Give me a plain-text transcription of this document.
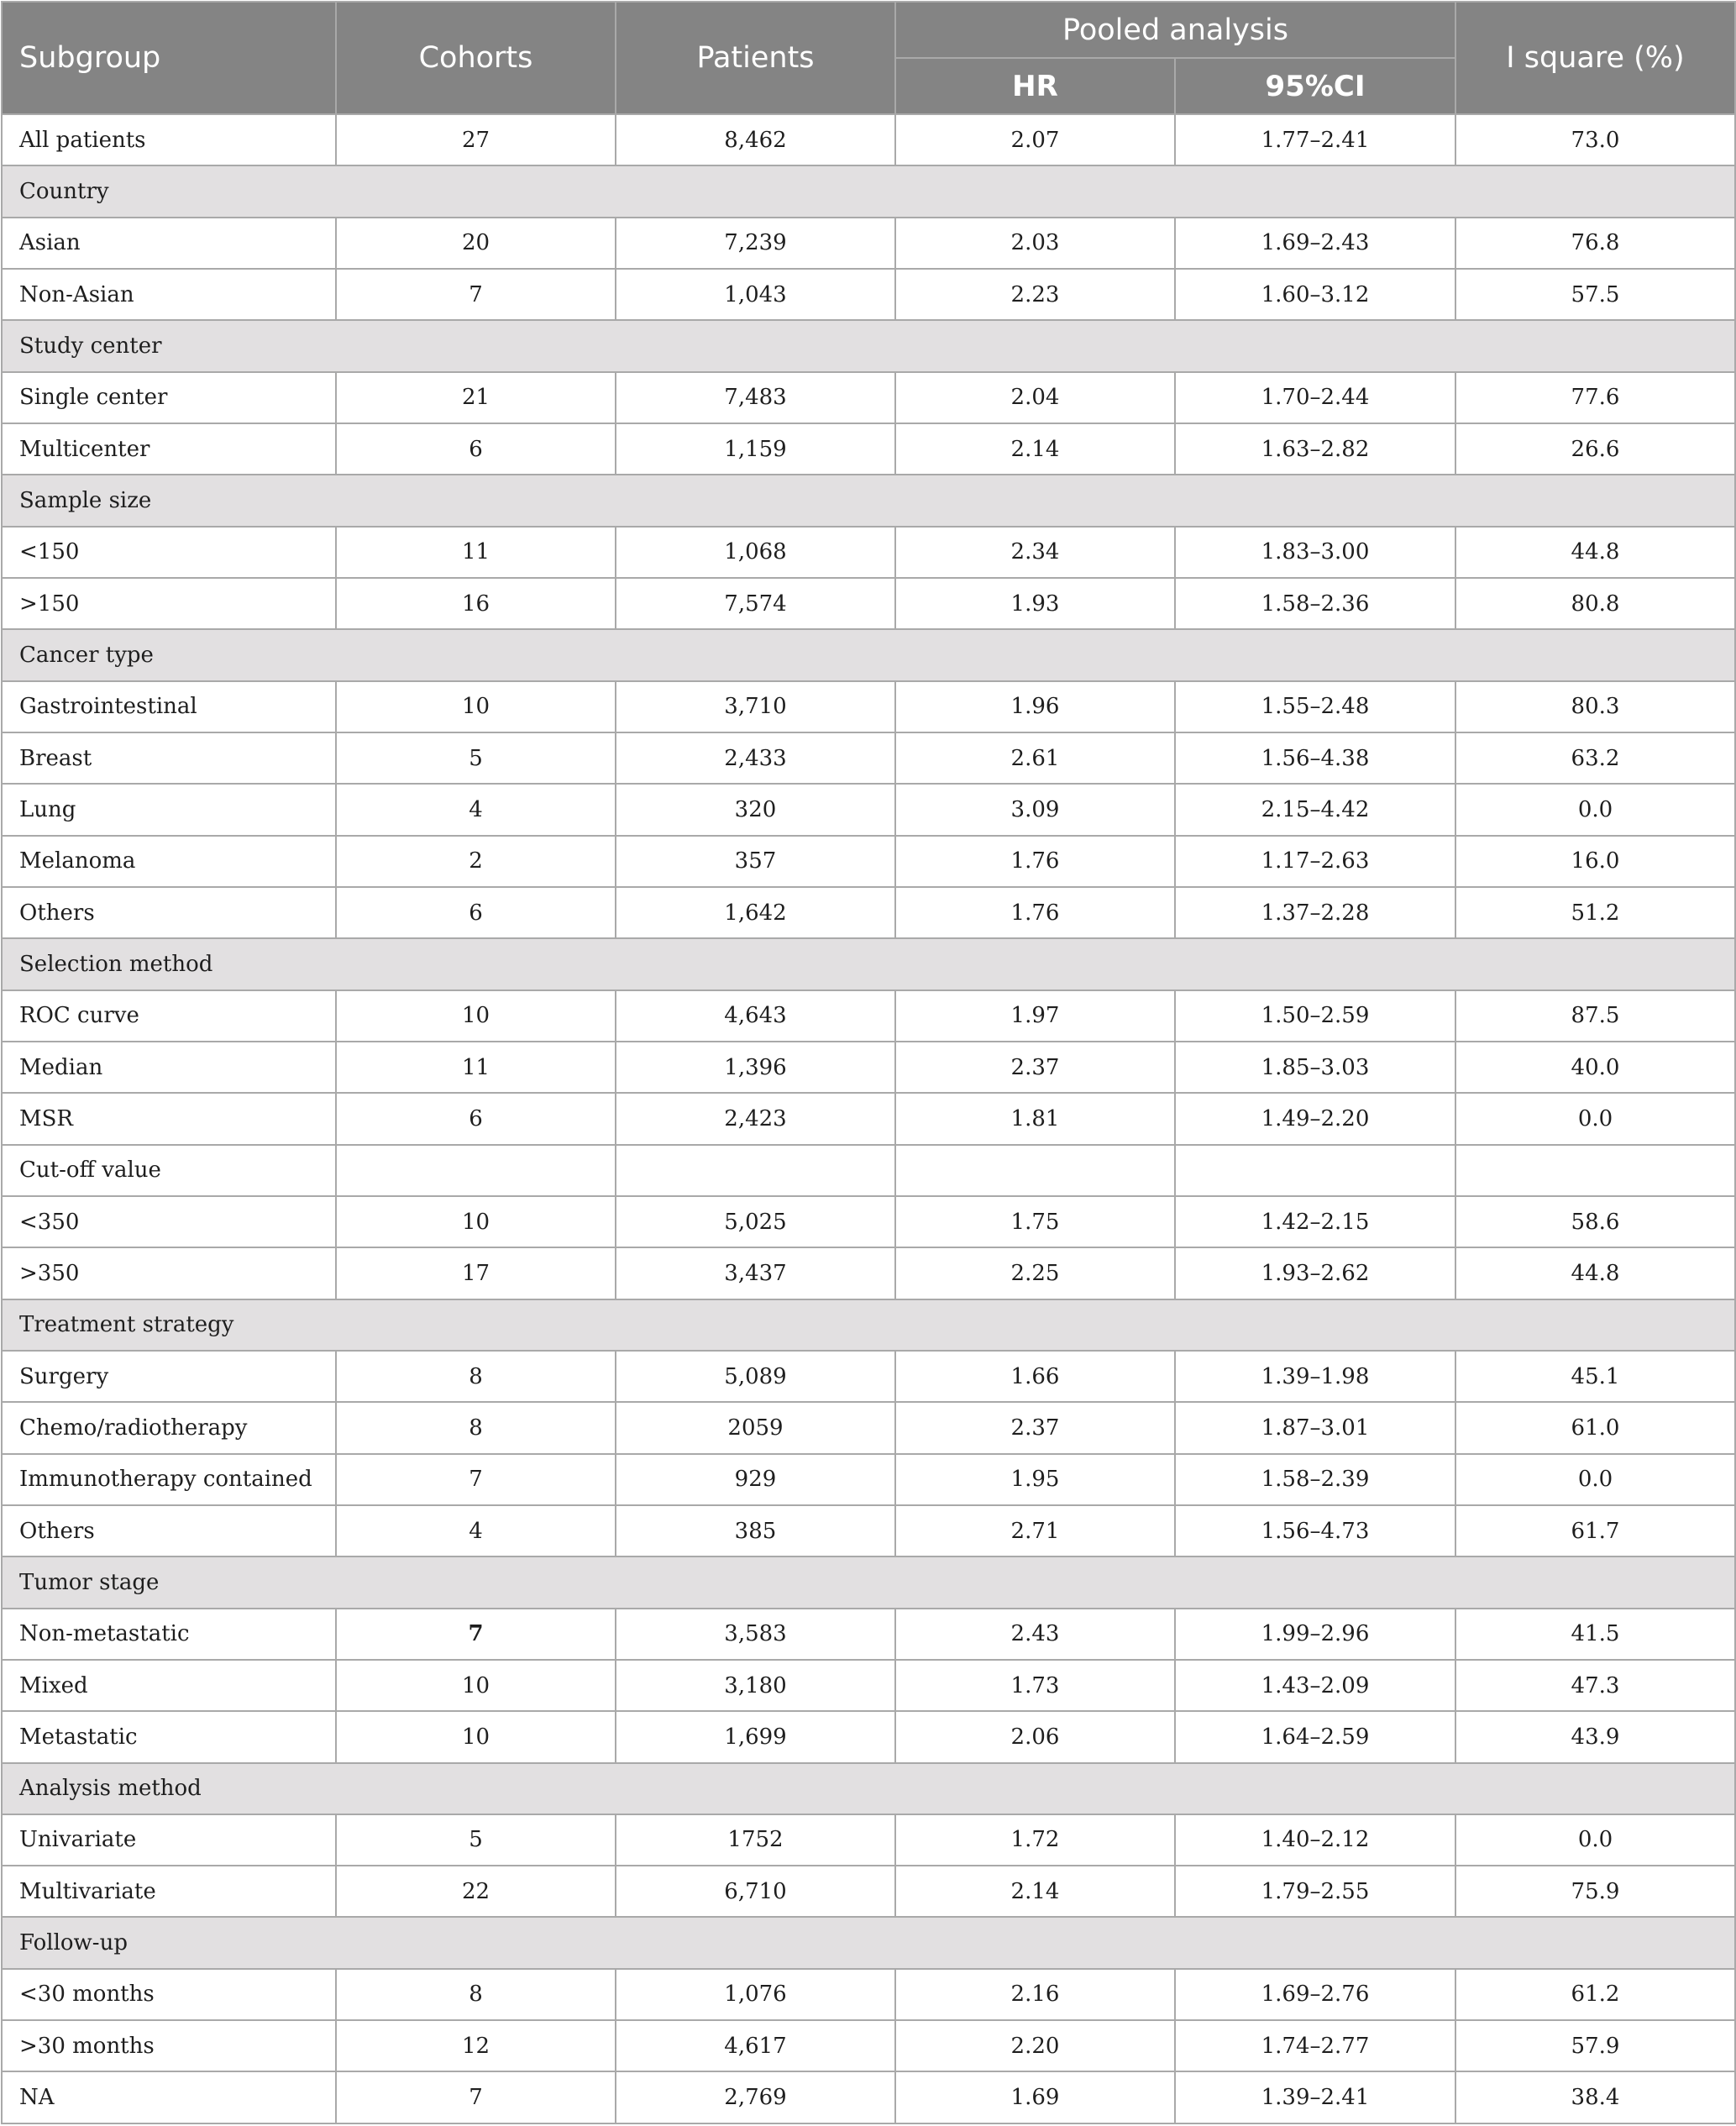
Subgroup	Cohorts	Patients	Pooled analysis		I square (%)
			HR	95%CI	
All patients	27	8,462	2.07	1.77–2.41	73.0
Country					
Asian	20	7,239	2.03	1.69–2.43	76.8
Non-Asian	7	1,043	2.23	1.60–3.12	57.5
Study center					
Single center	21	7,483	2.04	1.70–2.44	77.6
Multicenter	6	1,159	2.14	1.63–2.82	26.6
Sample size					
<150	11	1,068	2.34	1.83–3.00	44.8
>150	16	7,574	1.93	1.58–2.36	80.8
Cancer type					
Gastrointestinal	10	3,710	1.96	1.55–2.48	80.3
Breast	5	2,433	2.61	1.56–4.38	63.2
Lung	4	320	3.09	2.15–4.42	0.0
Melanoma	2	357	1.76	1.17–2.63	16.0
Others	6	1,642	1.76	1.37–2.28	51.2
Selection method					
ROC curve	10	4,643	1.97	1.50–2.59	87.5
Median	11	1,396	2.37	1.85–3.03	40.0
MSR	6	2,423	1.81	1.49–2.20	0.0
Cut-off value					
<350	10	5,025	1.75	1.42–2.15	58.6
>350	17	3,437	2.25	1.93–2.62	44.8
Treatment strategy					
Surgery	8	5,089	1.66	1.39–1.98	45.1
Chemo/radiotherapy	8	2059	2.37	1.87–3.01	61.0
Immunotherapy contained	7	929	1.95	1.58–2.39	0.0
Others	4	385	2.71	1.56–4.73	61.7
Tumor stage					
Non-metastatic	7	3,583	2.43	1.99–2.96	41.5
Mixed	10	3,180	1.73	1.43–2.09	47.3
Metastatic	10	1,699	2.06	1.64–2.59	43.9
Analysis method					
Univariate	5	1752	1.72	1.40–2.12	0.0
Multivariate	22	6,710	2.14	1.79–2.55	75.9
Follow-up					
<30 months	8	1,076	2.16	1.69–2.76	61.2
>30 months	12	4,617	2.20	1.74–2.77	57.9
NA	7	2,769	1.69	1.39–2.41	38.4
